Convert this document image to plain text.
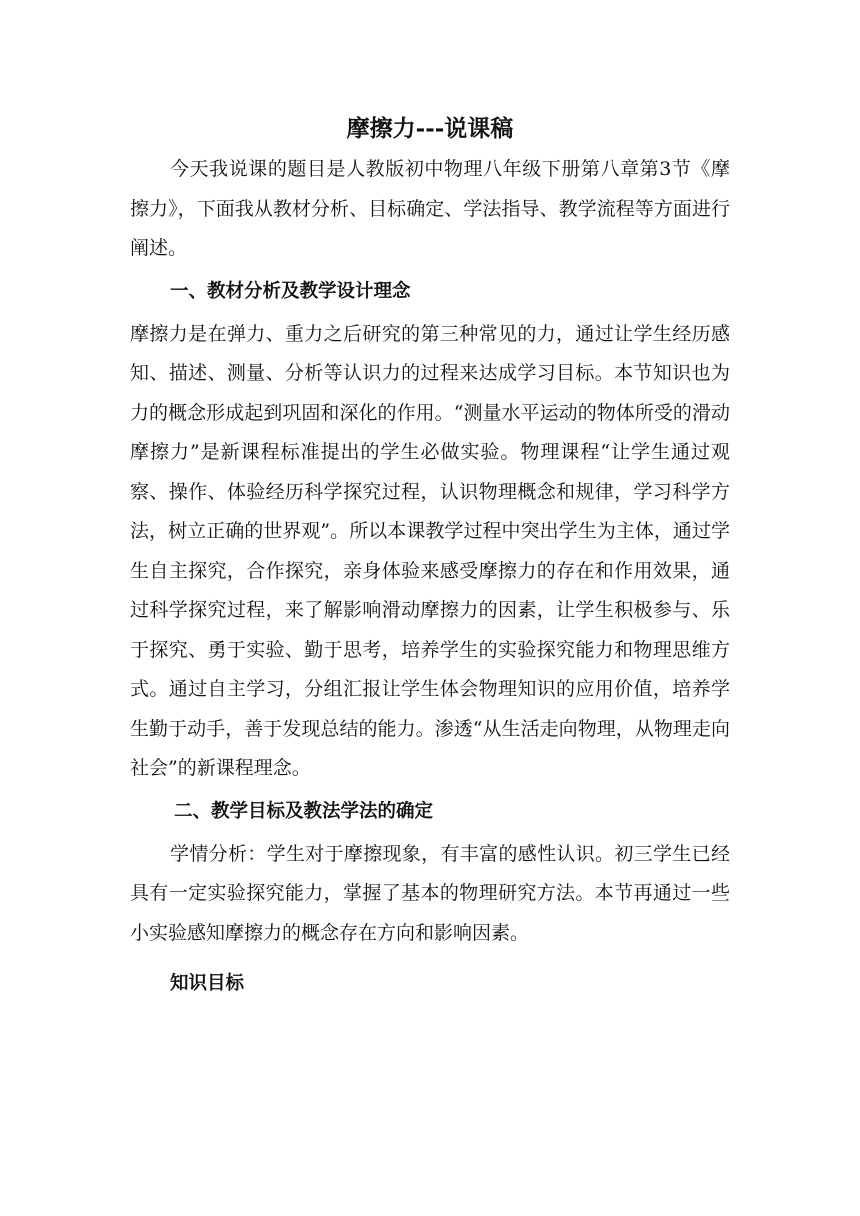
摩擦力---说课稿

今天我说课的题目是人教版初中物理八年级下册第八章第3节《摩擦力》，下面我从教材分析、目标确定、学法指导、教学流程等方面进行阐述。

一、教材分析及教学设计理念

摩擦力是在弹力、重力之后研究的第三种常见的力，通过让学生经历感知、描述、测量、分析等认识力的过程来达成学习目标。本节知识也为力的概念形成起到巩固和深化的作用。“测量水平运动的物体所受的滑动摩擦力”是新课程标准提出的学生必做实验。物理课程“让学生通过观察、操作、体验经历科学探究过程，认识物理概念和规律，学习科学方法，树立正确的世界观”。所以本课教学过程中突出学生为主体，通过学生自主探究，合作探究，亲身体验来感受摩擦力的存在和作用效果，通过科学探究过程，来了解影响滑动摩擦力的因素，让学生积极参与、乐于探究、勇于实验、勤于思考，培养学生的实验探究能力和物理思维方式。通过自主学习，分组汇报让学生体会物理知识的应用价值，培养学生勤于动手，善于发现总结的能力。渗透“从生活走向物理，从物理走向社会”的新课程理念。

二、教学目标及教法学法的确定

学情分析：学生对于摩擦现象，有丰富的感性认识。初三学生已经具有一定实验探究能力，掌握了基本的物理研究方法。本节再通过一些小实验感知摩擦力的概念存在方向和影响因素。

知识目标
